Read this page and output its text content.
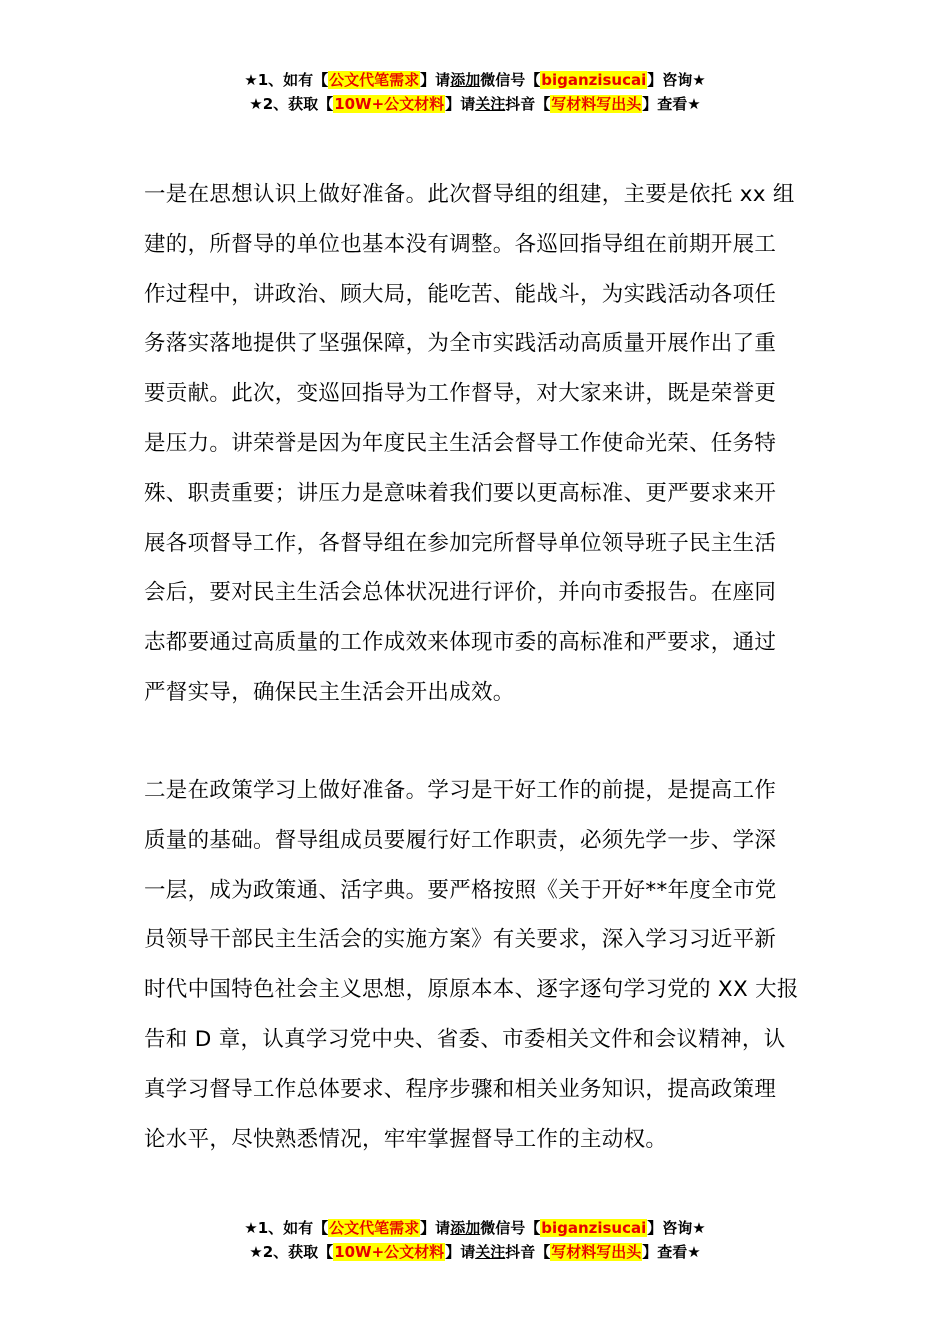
★1、如有【公文代笔需求】请添加微信号【biganzisucai】咨询★
★2、获取【10W+公文材料】请关注抖音【写材料写出头】查看★
一是在思想认识上做好准备。此次督导组的组建，主要是依托 xx 组
建的，所督导的单位也基本没有调整。各巡回指导组在前期开展工
作过程中，讲政治、顾大局，能吃苦、能战斗，为实践活动各项任
务落实落地提供了坚强保障，为全市实践活动高质量开展作出了重
要贡献。此次，变巡回指导为工作督导，对大家来讲，既是荣誉更
是压力。讲荣誉是因为年度民主生活会督导工作使命光荣、任务特
殊、职责重要；讲压力是意味着我们要以更高标准、更严要求来开
展各项督导工作，各督导组在参加完所督导单位领导班子民主生活
会后，要对民主生活会总体状况进行评价，并向市委报告。在座同
志都要通过高质量的工作成效来体现市委的高标准和严要求，通过
严督实导，确保民主生活会开出成效。
二是在政策学习上做好准备。学习是干好工作的前提，是提高工作
质量的基础。督导组成员要履行好工作职责，必须先学一步、学深
一层，成为政策通、活字典。要严格按照《关于开好**年度全市党
员领导干部民主生活会的实施方案》有关要求，深入学习习近平新
时代中国特色社会主义思想，原原本本、逐字逐句学习党的 XX 大报
告和 D 章，认真学习党中央、省委、市委相关文件和会议精神，认
真学习督导工作总体要求、程序步骤和相关业务知识，提高政策理
论水平，尽快熟悉情况，牢牢掌握督导工作的主动权。
★1、如有【公文代笔需求】请添加微信号【biganzisucai】咨询★
★2、获取【10W+公文材料】请关注抖音【写材料写出头】查看★
